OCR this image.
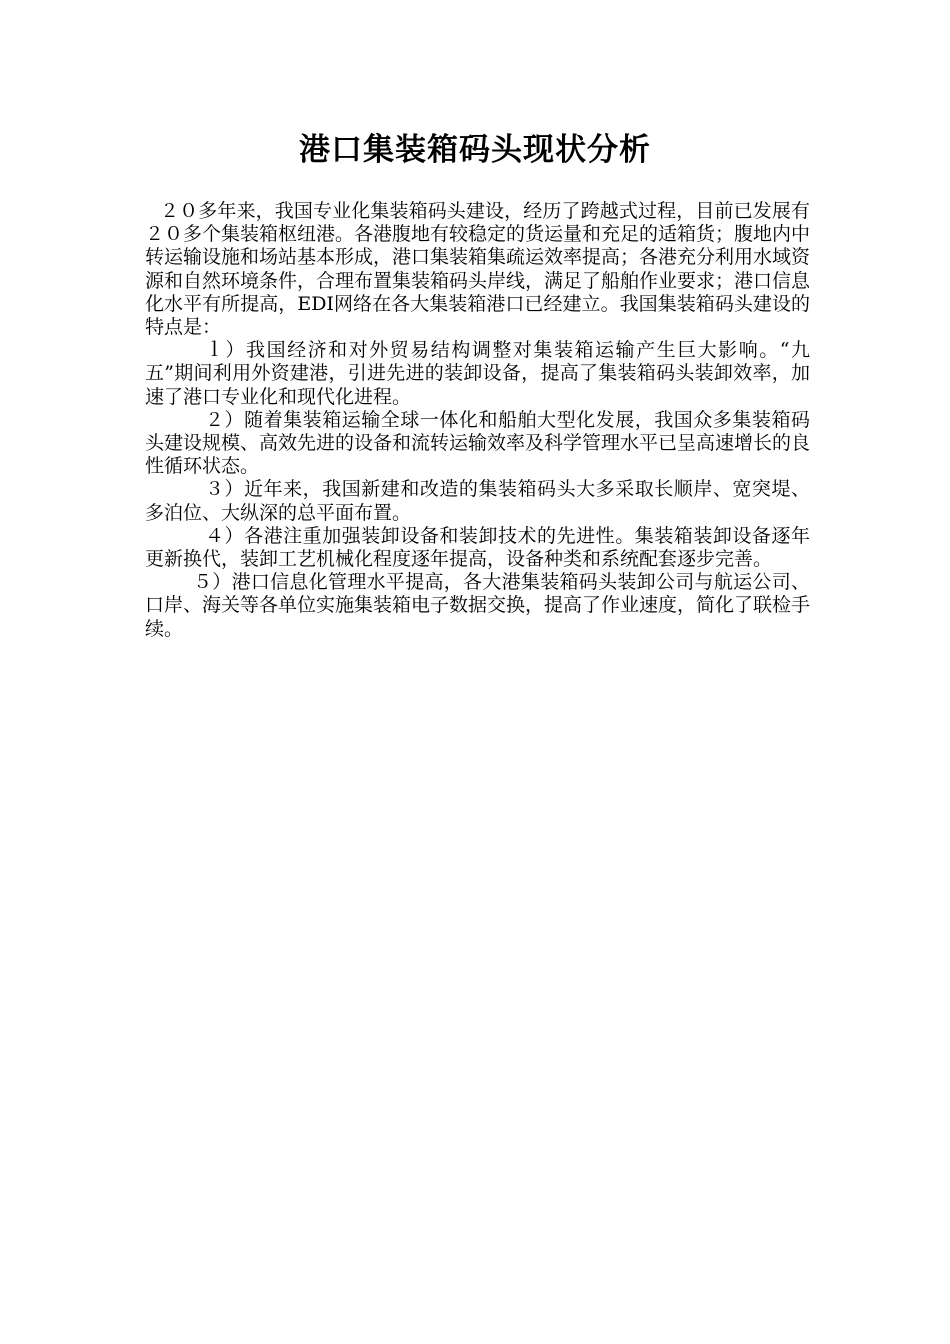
港口集装箱码头现状分析

２０多年来，我国专业化集装箱码头建设，经历了跨越式过程，目前已发展有２０多个集装箱枢纽港。各港腹地有较稳定的货运量和充足的适箱货；腹地内中转运输设施和场站基本形成，港口集装箱集疏运效率提高；各港充分利用水域资源和自然环境条件，合理布置集装箱码头岸线，满足了船舶作业要求；港口信息化水平有所提高，EDI网络在各大集装箱港口已经建立。我国集装箱码头建设的特点是：

ｌ）我国经济和对外贸易结构调整对集装箱运输产生巨大影响。“九五”期间利用外资建港，引进先进的装卸设备，提高了集装箱码头装卸效率，加速了港口专业化和现代化进程。

２）随着集装箱运输全球一体化和船舶大型化发展，我国众多集装箱码头建设规模、高效先进的设备和流转运输效率及科学管理水平已呈高速增长的良性循环状态。

３）近年来，我国新建和改造的集装箱码头大多采取长顺岸、宽突堤、多泊位、大纵深的总平面布置。

４）各港注重加强装卸设备和装卸技术的先进性。集装箱装卸设备逐年更新换代，装卸工艺机械化程度逐年提高，设备种类和系统配套逐步完善。

５）港口信息化管理水平提高，各大港集装箱码头装卸公司与航运公司、口岸、海关等各单位实施集装箱电子数据交换，提高了作业速度，简化了联检手续。
